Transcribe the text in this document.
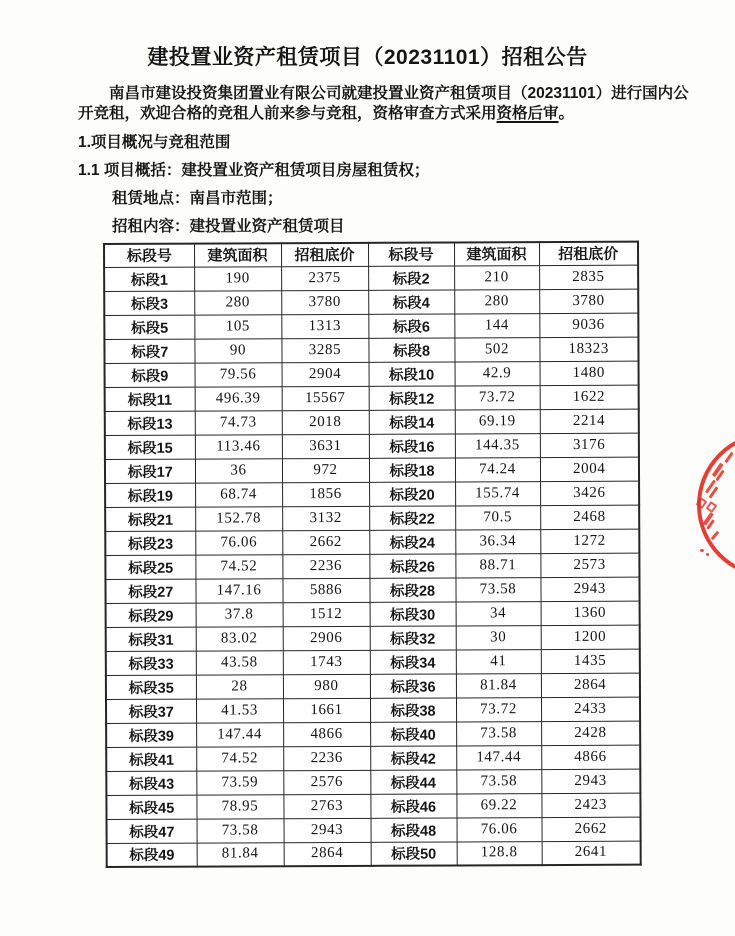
建投置业资产租赁项目（20231101）招租公告

南昌市建设投资集团置业有限公司就建投置业资产租赁项目（20231101）进行国内公开竞租，欢迎合格的竞租人前来参与竞租，资格审查方式采用资格后审。

1.项目概况与竞租范围

1.1 项目概括：建投置业资产租赁项目房屋租赁权；

租赁地点：南昌市范围；

招租内容：建投置业资产租赁项目

标段号	建筑面积	招租底价	标段号	建筑面积	招租底价
标段1	190	2375	标段2	210	2835
标段3	280	3780	标段4	280	3780
标段5	105	1313	标段6	144	9036
标段7	90	3285	标段8	502	18323
标段9	79.56	2904	标段10	42.9	1480
标段11	496.39	15567	标段12	73.72	1622
标段13	74.73	2018	标段14	69.19	2214
标段15	113.46	3631	标段16	144.35	3176
标段17	36	972	标段18	74.24	2004
标段19	68.74	1856	标段20	155.74	3426
标段21	152.78	3132	标段22	70.5	2468
标段23	76.06	2662	标段24	36.34	1272
标段25	74.52	2236	标段26	88.71	2573
标段27	147.16	5886	标段28	73.58	2943
标段29	37.8	1512	标段30	34	1360
标段31	83.02	2906	标段32	30	1200
标段33	43.58	1743	标段34	41	1435
标段35	28	980	标段36	81.84	2864
标段37	41.53	1661	标段38	73.72	2433
标段39	147.44	4866	标段40	73.58	2428
标段41	74.52	2236	标段42	147.44	4866
标段43	73.59	2576	标段44	73.58	2943
标段45	78.95	2763	标段46	69.22	2423
标段47	73.58	2943	标段48	76.06	2662
标段49	81.84	2864	标段50	128.8	2641
